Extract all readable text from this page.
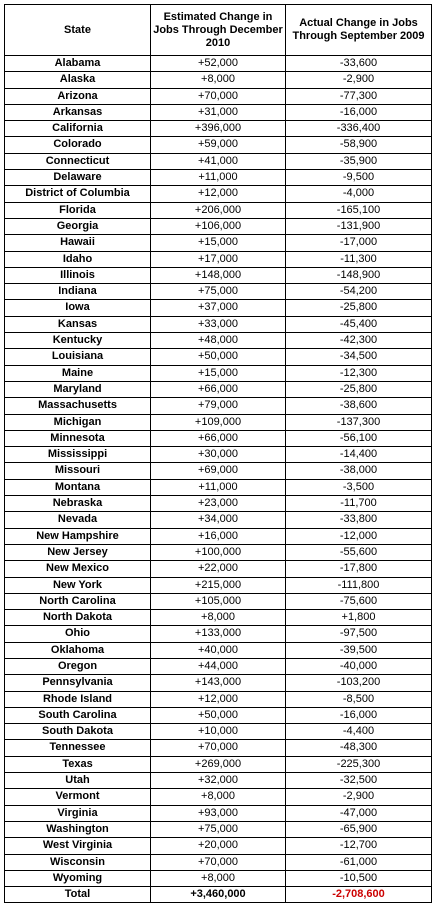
State	Estimated Change in Jobs Through December 2010	Actual Change in Jobs Through September 2009
Alabama	+52,000	-33,600
Alaska	+8,000	-2,900
Arizona	+70,000	-77,300
Arkansas	+31,000	-16,000
California	+396,000	-336,400
Colorado	+59,000	-58,900
Connecticut	+41,000	-35,900
Delaware	+11,000	-9,500
District of Columbia	+12,000	-4,000
Florida	+206,000	-165,100
Georgia	+106,000	-131,900
Hawaii	+15,000	-17,000
Idaho	+17,000	-11,300
Illinois	+148,000	-148,900
Indiana	+75,000	-54,200
Iowa	+37,000	-25,800
Kansas	+33,000	-45,400
Kentucky	+48,000	-42,300
Louisiana	+50,000	-34,500
Maine	+15,000	-12,300
Maryland	+66,000	-25,800
Massachusetts	+79,000	-38,600
Michigan	+109,000	-137,300
Minnesota	+66,000	-56,100
Mississippi	+30,000	-14,400
Missouri	+69,000	-38,000
Montana	+11,000	-3,500
Nebraska	+23,000	-11,700
Nevada	+34,000	-33,800
New Hampshire	+16,000	-12,000
New Jersey	+100,000	-55,600
New Mexico	+22,000	-17,800
New York	+215,000	-111,800
North Carolina	+105,000	-75,600
North Dakota	+8,000	+1,800
Ohio	+133,000	-97,500
Oklahoma	+40,000	-39,500
Oregon	+44,000	-40,000
Pennsylvania	+143,000	-103,200
Rhode Island	+12,000	-8,500
South Carolina	+50,000	-16,000
South Dakota	+10,000	-4,400
Tennessee	+70,000	-48,300
Texas	+269,000	-225,300
Utah	+32,000	-32,500
Vermont	+8,000	-2,900
Virginia	+93,000	-47,000
Washington	+75,000	-65,900
West Virginia	+20,000	-12,700
Wisconsin	+70,000	-61,000
Wyoming	+8,000	-10,500
Total	+3,460,000	-2,708,600
